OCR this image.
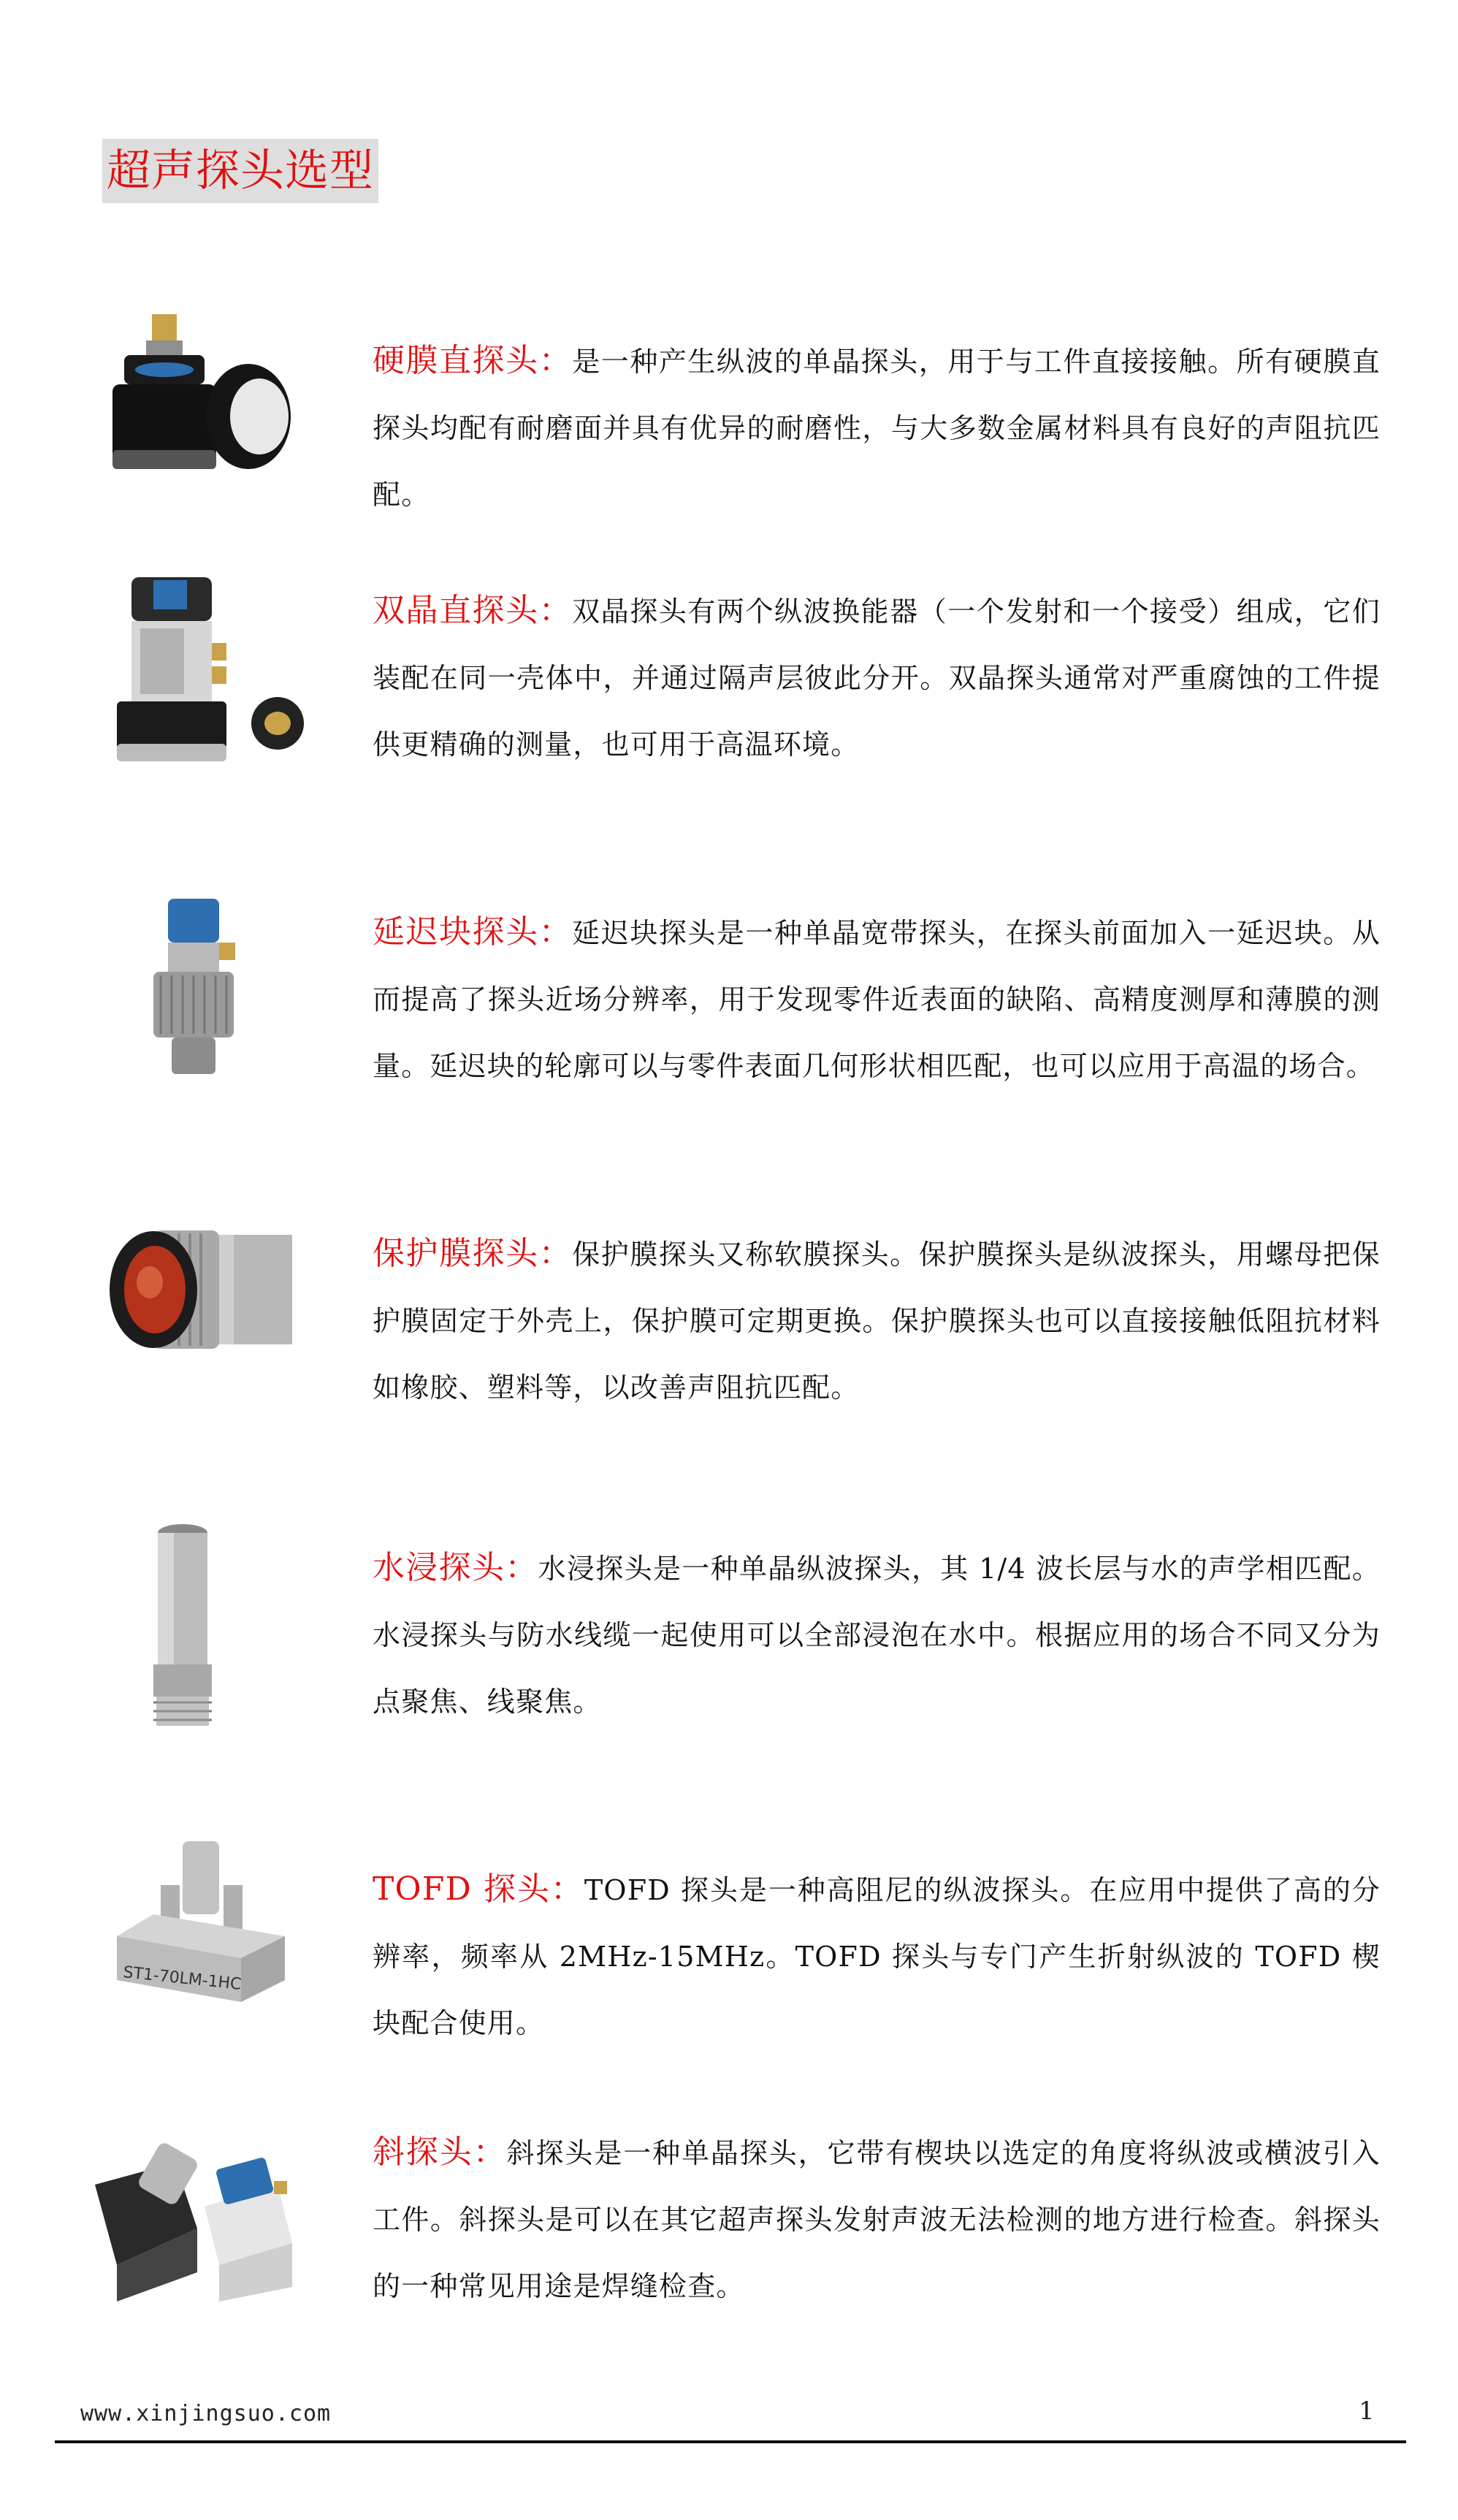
超声探头选型
硬膜直探头：是一种产生纵波的单晶探头，用于与工件直接接触。所有硬膜直探头均配有耐磨面并具有优异的耐磨性，与大多数金属材料具有良好的声阻抗匹配。
双晶直探头：双晶探头有两个纵波换能器（一个发射和一个接受）组成，它们装配在同一壳体中，并通过隔声层彼此分开。双晶探头通常对严重腐蚀的工件提供更精确的测量，也可用于高温环境。
延迟块探头：延迟块探头是一种单晶宽带探头，在探头前面加入一延迟块。从而提高了探头近场分辨率，用于发现零件近表面的缺陷、高精度测厚和薄膜的测量。延迟块的轮廓可以与零件表面几何形状相匹配，也可以应用于高温的场合。
保护膜探头：保护膜探头又称软膜探头。保护膜探头是纵波探头，用螺母把保护膜固定于外壳上，保护膜可定期更换。保护膜探头也可以直接接触低阻抗材料如橡胶、塑料等，以改善声阻抗匹配。
水浸探头：水浸探头是一种单晶纵波探头，其 1/4 波长层与水的声学相匹配。水浸探头与防水线缆一起使用可以全部浸泡在水中。根据应用的场合不同又分为点聚焦、线聚焦。
ST1-70LM-1HC
TOFD 探头：TOFD 探头是一种高阻尼的纵波探头。在应用中提供了高的分辨率，频率从 2MHz-15MHz。TOFD 探头与专门产生折射纵波的 TOFD 楔块配合使用。
斜探头：斜探头是一种单晶探头，它带有楔块以选定的角度将纵波或横波引入工件。斜探头是可以在其它超声探头发射声波无法检测的地方进行检查。斜探头的一种常见用途是焊缝检查。
www.xinjingsuo.com	1
